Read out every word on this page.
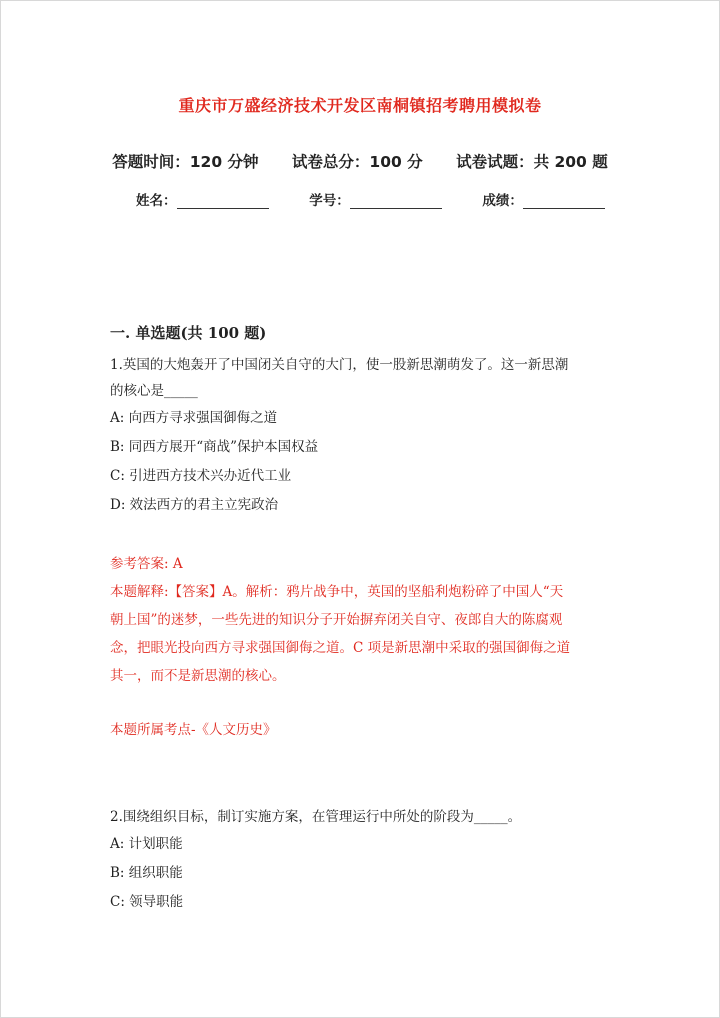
重庆市万盛经济技术开发区南桐镇招考聘用模拟卷
答题时间：120 分钟 试卷总分：100 分 试卷试题：共 200 题
姓名：	学号：	成绩：
一. 单选题(共 100 题)
1.英国的大炮轰开了中国闭关自守的大门，使一股新思潮萌发了。这一新思潮
的核心是_____
A: 向西方寻求强国御侮之道
B: 同西方展开“商战”保护本国权益
C: 引进西方技术兴办近代工业
D: 效法西方的君主立宪政治
参考答案: A
本题解释:【答案】A。解析：鸦片战争中，英国的坚船利炮粉碎了中国人“天
朝上国”的迷梦，一些先进的知识分子开始摒弃闭关自守、夜郎自大的陈腐观
念，把眼光投向西方寻求强国御侮之道。C 项是新思潮中采取的强国御侮之道
其一，而不是新思潮的核心。
本题所属考点-《人文历史》
2.围绕组织目标，制订实施方案，在管理运行中所处的阶段为_____。
A: 计划职能
B: 组织职能
C: 领导职能
